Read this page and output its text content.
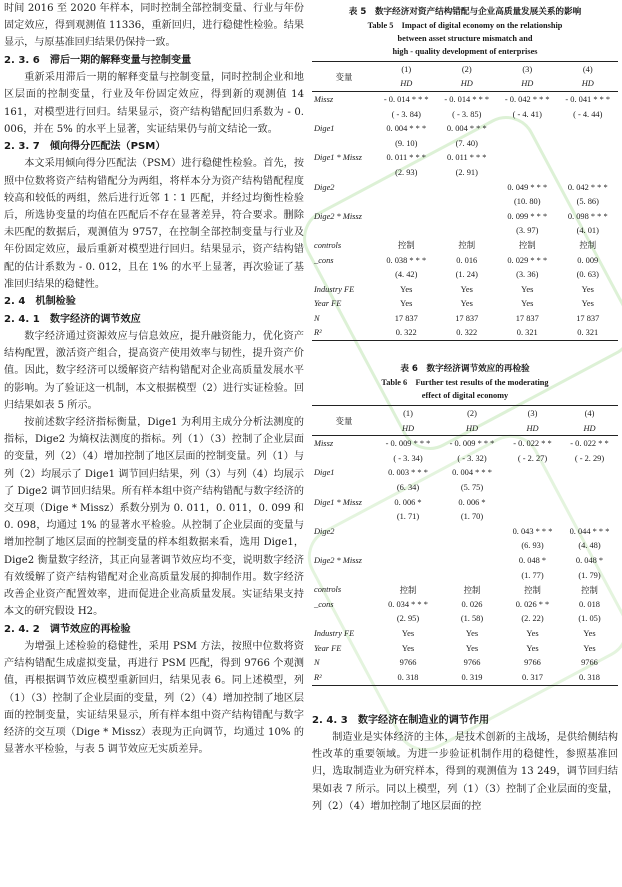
时间 2016 至 2020 年样本，同时控制全部控制变量、行业与年份固定效应，得到观测值 11336，重新回归，进行稳健性检验。结果显示，与原基准回归结果仍保持一致。

2. 3. 6　滞后一期的解释变量与控制变量

重新采用滞后一期的解释变量与控制变量，同时控制企业和地区层面的控制变量，行业及年份固定效应，得到新的观测值 14 161，对模型进行回归。结果显示，资产结构错配回归系数为 - 0. 006，并在 5% 的水平上显著，实证结果仍与前文结论一致。

2. 3. 7　倾向得分匹配法（PSM）

本文采用倾向得分匹配法（PSM）进行稳健性检验。首先，按照中位数将资产结构错配分为两组，将样本分为资产结构错配程度较高和较低的两组，然后进行近邻 1∶1 匹配，并经过均衡性检验后，所选协变量的均值在匹配后不存在显著差异，符合要求。删除未匹配的数据后，观测值为 9757，在控制全部控制变量与行业及年份固定效应，最后重新对模型进行回归。结果显示，资产结构错配的估计系数为 - 0. 012，且在 1% 的水平上显著，再次验证了基准回归结果的稳健性。

2. 4　机制检验

2. 4. 1　数字经济的调节效应

数字经济通过资源效应与信息效应，提升融资能力，优化资产结构配置，激活资产组合，提高资产使用效率与韧性，提升资产价值。因此，数字经济可以缓解资产结构错配对企业高质量发展水平的影响。为了验证这一机制，本文根据模型（2）进行实证检验。回归结果如表 5 所示。

按前述数字经济指标衡量，Dige1 为利用主成分分析法测度的指标，Dige2 为熵权法测度的指标。列（1）（3）控制了企业层面的变量，列（2）（4）增加控制了地区层面的控制变量。列（1）与列（2）均展示了 Dige1 调节回归结果，列（3）与列（4）均展示了 Dige2 调节回归结果。所有样本组中资产结构错配与数字经济的交互项（Dige * Missz）系数分别为 0. 011，0. 011，0. 099 和 0. 098，均通过 1% 的显著水平检验。从控制了企业层面的变量与增加控制了地区层面的控制变量的样本组数据来看，选用 Dige1，Dige2 衡量数字经济，其正向显著调节效应均不变，说明数字经济有效缓解了资产结构错配对企业高质量发展的抑制作用。数字经济改善企业资产配置效率，进而促进企业高质量发展。实证结果支持本文的研究假设 H2。

2. 4. 2　调节效应的再检验

为增强上述检验的稳健性，采用 PSM 方法，按照中位数将资产结构错配生成虚拟变量，再进行 PSM 匹配，得到 9766 个观测值，再根据调节效应模型重新回归，结果见表 6。同上述模型，列（1）（3）控制了企业层面的变量，列（2）（4）增加控制了地区层面的控制变量，实证结果显示，所有样本组中资产结构错配与数字经济的交互项（Dige * Missz）表现为正向调节，均通过 10% 的显著水平检验，与表 5 调节效应无实质差异。

表 5　数字经济对资产结构错配与企业高质量发展关系的影响
Table 5　Impact of digital economy on the relationship
between asset structure mismatch and
high - quality development of enterprises
变量	(1)	(2)	(3)	(4)
	HD	HD	HD	HD
Missz	- 0. 014 * * *	- 0. 014 * * *	- 0. 042 * * *	- 0. 041 * * *
	( - 3. 84)	( - 3. 85)	( - 4. 41)	( - 4. 44)
Dige1	0. 004 * * *	0. 004 * * *		
	(9. 10)	(7. 40)		
Dige1 * Missz	0. 011 * * *	0. 011 * * *		
	(2. 93)	(2. 91)		
Dige2			0. 049 * * *	0. 042 * * *
			(10. 80)	(5. 86)
Dige2 * Missz			0. 099 * * *	0. 098 * * *
			(3. 97)	(4. 01)
controls	控制	控制	控制	控制
_cons	0. 038 * * *	0. 016	0. 029 * * *	0. 009
	(4. 42)	(1. 24)	(3. 36)	(0. 63)
Industry FE	Yes	Yes	Yes	Yes
Year FE	Yes	Yes	Yes	Yes
N	17 837	17 837	17 837	17 837
R²	0. 322	0. 322	0. 321	0. 321
表 6　数字经济调节效应的再检验
Table 6　Further test results of the moderating
effect of digital economy
变量	(1)	(2)	(3)	(4)
	HD	HD	HD	HD
Missz	- 0. 009 * * *	- 0. 009 * * *	- 0. 022 * *	- 0. 022 * *
	( - 3. 34)	( - 3. 32)	( - 2. 27)	( - 2. 29)
Dige1	0. 003 * * *	0. 004 * * *		
	(6. 34)	(5. 75)		
Dige1 * Missz	0. 006 *	0. 006 *		
	(1. 71)	(1. 70)		
Dige2			0. 043 * * *	0. 044 * * *
			(6. 93)	(4. 48)
Dige2 * Missz			0. 048 *	0. 048 *
			(1. 77)	(1. 79)
controls	控制	控制	控制	控制
_cons	0. 034 * * *	0. 026	0. 026 * *	0. 018
	(2. 95)	(1. 58)	(2. 22)	(1. 05)
Industry FE	Yes	Yes	Yes	Yes
Year FE	Yes	Yes	Yes	Yes
N	9766	9766	9766	9766
R²	0. 318	0. 319	0. 317	0. 318

2. 4. 3　数字经济在制造业的调节作用

制造业是实体经济的主体，是技术创新的主战场，是供给侧结构性改革的重要领域。为进一步验证机制作用的稳健性，参照基准回归，选取制造业为研究样本，得到的观测值为 13 249，调节回归结果如表 7 所示。同以上模型，列（1）（3）控制了企业层面的变量，列（2）（4）增加控制了地区层面的控
